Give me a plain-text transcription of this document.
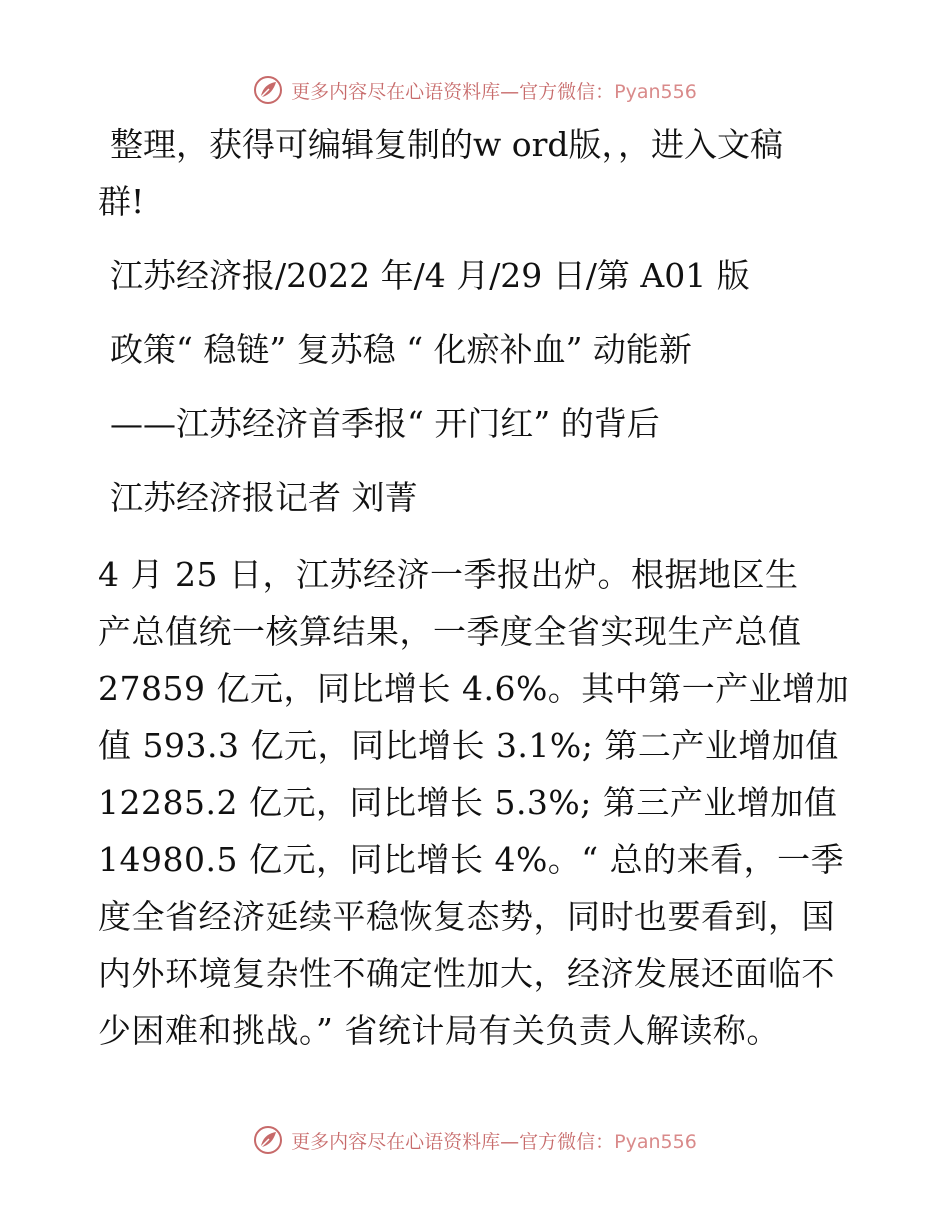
更多内容尽在心语资料库—官方微信：Pyan556

整理，获得可编辑复制的w ord版，，进入文稿

群!

江苏经济报/2022 年/4 月/29 日/第 A01 版

政策“ 稳链” 复苏稳 “ 化瘀补血” 动能新

——江苏经济首季报“ 开门红” 的背后

江苏经济报记者 刘菁

4 月 25 日，江苏经济一季报出炉。根据地区生
产总值统一核算结果，一季度全省实现生产总值
27859 亿元，同比增长 4.6%。其中第一产业增加
值 593.3 亿元，同比增长 3.1%; 第二产业增加值
12285.2 亿元，同比增长 5.3%; 第三产业增加值
14980.5 亿元，同比增长 4%。“ 总的来看，一季
度全省经济延续平稳恢复态势，同时也要看到，国
内外环境复杂性不确定性加大，经济发展还面临不
少困难和挑战。” 省统计局有关负责人解读称。
更多内容尽在心语资料库—官方微信：Pyan556
